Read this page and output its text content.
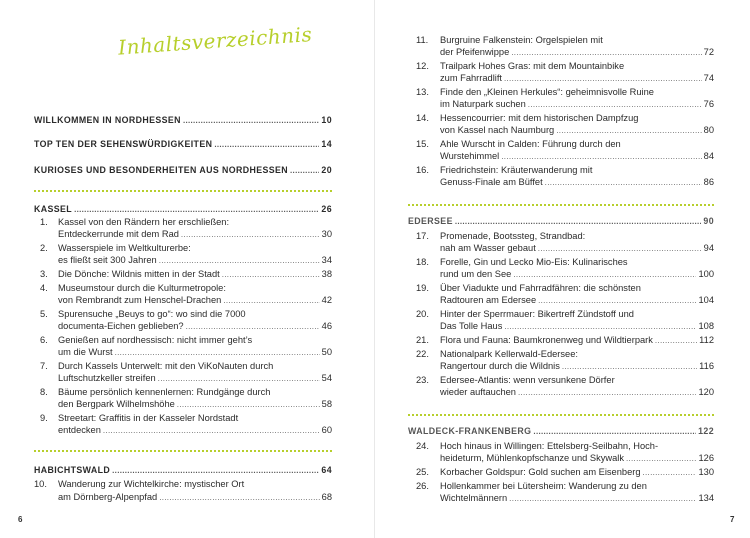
Inhaltsverzeichnis
WILLKOMMEN IN NORDHESSEN .....	10
TOP TEN DER SEHENSWÜRDIGKEITEN .....	14
KURIOSES UND BESONDERHEITEN AUS NORDHESSEN .....	20
KASSEL .....	26
1. Kassel von den Rändern her erschließen:
Entdeckerrunde mit dem Rad .....	30
2. Wasserspiele im Weltkulturerbe:
es fließt seit 300 Jahren .....	34
3. Die Dönche: Wildnis mitten in der Stadt .....	38
4. Museumstour durch die Kulturmetropole:
von Rembrandt zum Henschel-Drachen .....	42
5. Spurensuche „Beuys to go“: wo sind die 7000
documenta-Eichen geblieben? .....	46
6. Genießen auf nordhessisch: nicht immer geht’s
um die Wurst .....	50
7. Durch Kassels Unterwelt: mit den ViKoNauten durch
Luftschutzkeller streifen .....	54
8. Bäume persönlich kennenlernen: Rundgänge durch
den Bergpark Wilhelmshöhe .....	58
9. Streetart: Graffitis in der Kasseler Nordstadt
entdecken .....	60
HABICHTSWALD .....	64
10. Wanderung zur Wichtelkirche: mystischer Ort
am Dörnberg-Alpenpfad .....	68
6
11. Burgruine Falkenstein: Orgelspielen mit
der Pfeifenwippe .....	72
12. Trailpark Hohes Gras: mit dem Mountainbike
zum Fahrradlift .....	74
13. Finde den „Kleinen Herkules“: geheimnisvolle Ruine
im Naturpark suchen .....	76
14. Hessencourrier: mit dem historischen Dampfzug
von Kassel nach Naumburg .....	80
15. Ahle Wurscht in Calden: Führung durch den
Wurstehimmel .....	84
16. Friedrichstein: Kräuterwanderung mit
Genuss-Finale am Büffet .....	86
EDERSEE .....	90
17. Promenade, Bootssteg, Strandbad:
nah am Wasser gebaut .....	94
18. Forelle, Gin und Lecko Mio-Eis: Kulinarisches
rund um den See .....	100
19. Über Viadukte und Fahrradfähren: die schönsten
Radtouren am Edersee .....	104
20. Hinter der Sperrmauer: Bikertreff Zündstoff und
Das Tolle Haus .....	108
21. Flora und Fauna: Baumkronenweg und Wildtierpark .....	112
22. Nationalpark Kellerwald-Edersee:
Rangertour durch die Wildnis .....	116
23. Edersee-Atlantis: wenn versunkene Dörfer
wieder auftauchen .....	120
WALDECK-FRANKENBERG .....	122
24. Hoch hinaus in Willingen: Ettelsberg-Seilbahn, Hoch-
heideturm, Mühlenkopfschanze und Skywalk .....	126
25. Korbacher Goldspur: Gold suchen am Eisenberg .....	130
26. Hollenkammer bei Lütersheim: Wanderung zu den
Wichtelmännern .....	134
7
